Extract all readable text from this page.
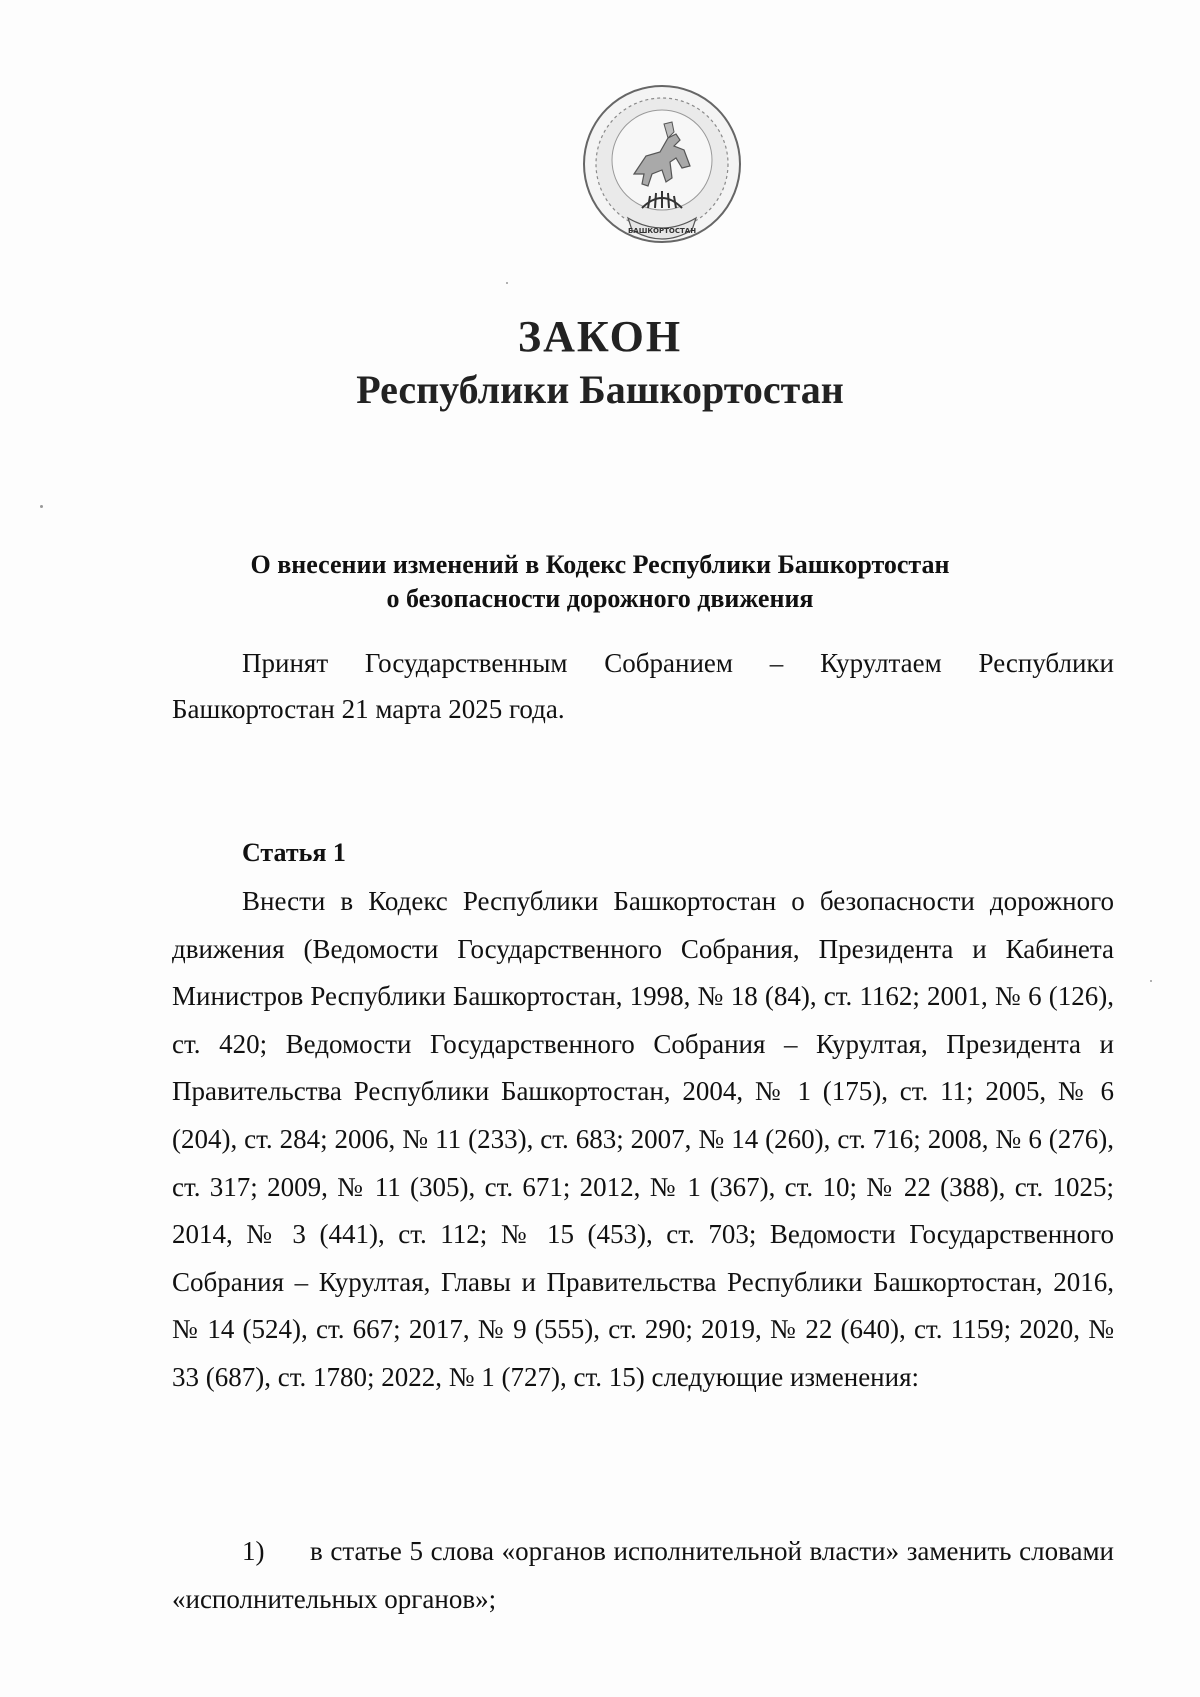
БАШКОРТОСТАН
ЗАКОН
Республики Башкортостан
О внесении изменений в Кодекс Республики Башкортостан
о безопасности дорожного движения
Принят Государственным Собранием – Курултаем Республики Башкортостан 21 марта 2025 года.
Статья 1

Внести в Кодекс Республики Башкортостан о безопасности дорожного движения (Ведомости Государственного Собрания, Президента и Кабинета Министров Республики Башкортостан, 1998, № 18 (84), ст. 1162; 2001, № 6 (126), ст. 420; Ведомости Государственного Собрания – Курултая, Президента и Правительства Республики Башкортостан, 2004, № 1 (175), ст. 11; 2005, № 6 (204), ст. 284; 2006, № 11 (233), ст. 683; 2007, № 14 (260), ст. 716; 2008, № 6 (276), ст. 317; 2009, № 11 (305), ст. 671; 2012, № 1 (367), ст. 10; № 22 (388), ст. 1025; 2014, № 3 (441), ст. 112; № 15 (453), ст. 703; Ведомости Государственного Собрания – Курултая, Главы и Правительства Республики Башкортостан, 2016, № 14 (524), ст. 667; 2017, № 9 (555), ст. 290; 2019, № 22 (640), ст. 1159; 2020, № 33 (687), ст. 1780; 2022, № 1 (727), ст. 15) следующие изменения:

1) в статье 5 слова «органов исполнительной власти» заменить словами «исполнительных органов»;
